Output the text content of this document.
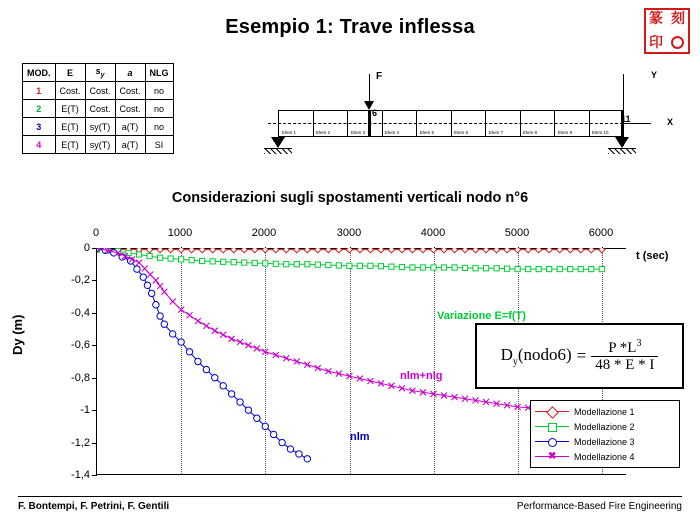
Esempio 1: Trave inflessa	篆 刻
印
MOD.	E	$s_y$	a	NLG
1	Cost.	Cost.	Cost.	no
2	E(T)	Cost.	Cost.	no
3	E(T)	sy(T)	a(T)	no
4	E(T)	sy(T)	a(T)	SI
Y
X
Elem 1	Elem 2	Elem 3	Elem 4	Elem 5	Elem 6	Elem 7	Elem 8	Elem 9	Elem 10
6
11
F
Considerazioni sugli spostamenti verticali nodo n°6
0	1000	2000	3000	4000	5000	6000
0
-0,2
-0,4
-0,6
-0,8
-1
-1,2
-1,4
Dy (m)
t (sec)
Variazione E=f(T)
nlm+nlg
nlm
$D_y(nodo6) = \frac{P *L^3}{48 * E * I}$
Modellazione 1
Modellazione 2
Modellazione 3
✖ Modellazione 4
F. Bontempi, F. Petrini, F. Gentili	Performance-Based Fire Engineering
